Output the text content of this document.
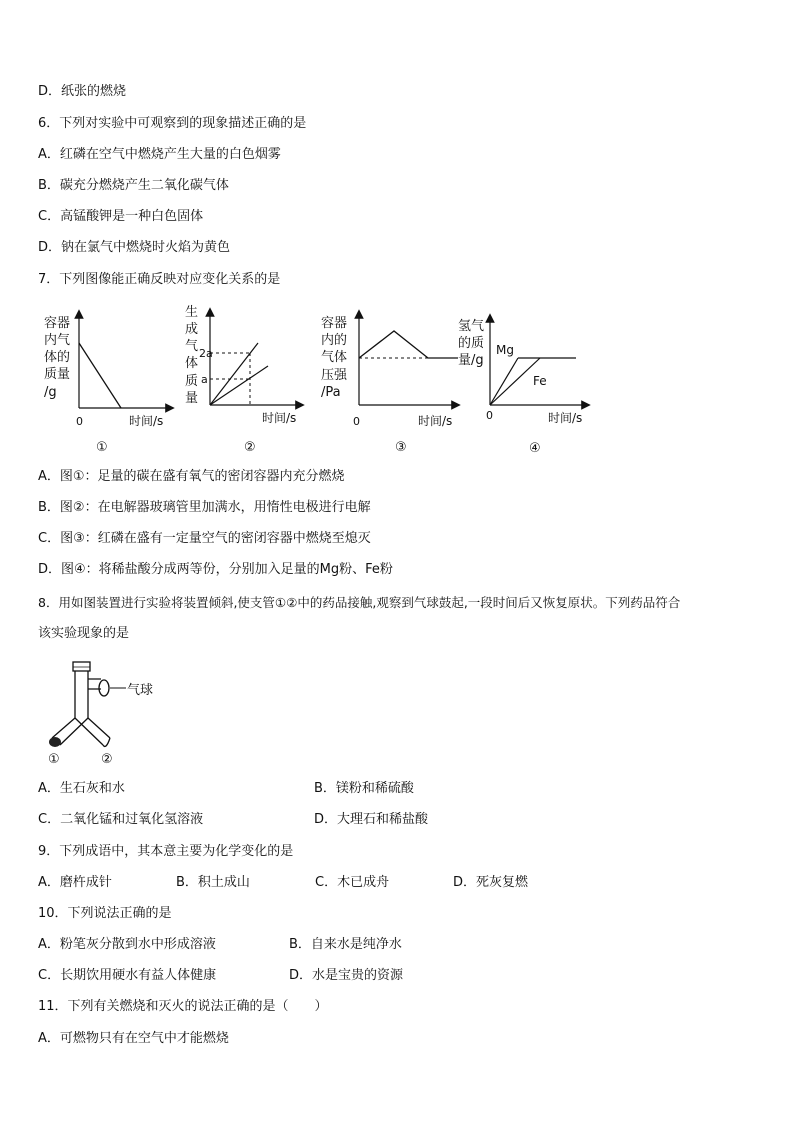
D．纸张的燃烧
6．下列对实验中可观察到的现象描述正确的是
A．红磷在空气中燃烧产生大量的白色烟雾
B．碳充分燃烧产生二氧化碳气体
C．高锰酸钾是一种白色固体
D．钠在氯气中燃烧时火焰为黄色
7．下列图像能正确反映对应变化关系的是
容器
内气
体的
质量
/g
0	时间/s
①
生
成
气
体
质
量
2a
a
时间/s
②
容器
内的
气体
压强
/Pa
0	时间/s
③
氢气
的质
量/g
Mg
Fe
0	时间/s
④
A．图①：足量的碳在盛有氧气的密闭容器内充分燃烧
B．图②：在电解器玻璃管里加满水，用惰性电极进行电解
C．图③：红磷在盛有一定量空气的密闭容器中燃烧至熄灭
D．图④：将稀盐酸分成两等份，分别加入足量的Mg粉、Fe粉
8．用如图装置进行实验将装置倾斜,使支管①②中的药品接触,观察到气球鼓起,一段时间后又恢复原状。下列药品符合
该实验现象的是
气球
①	②
A．生石灰和水	B．镁粉和稀硫酸
C．二氧化锰和过氧化氢溶液	D．大理石和稀盐酸
9．下列成语中，其本意主要为化学变化的是
A．磨杵成针	B．积土成山	C．木已成舟	D．死灰复燃
10．下列说法正确的是
A．粉笔灰分散到水中形成溶液	B．自来水是纯净水
C．长期饮用硬水有益人体健康	D．水是宝贵的资源
11．下列有关燃烧和灭火的说法正确的是（　　）
A．可燃物只有在空气中才能燃烧
